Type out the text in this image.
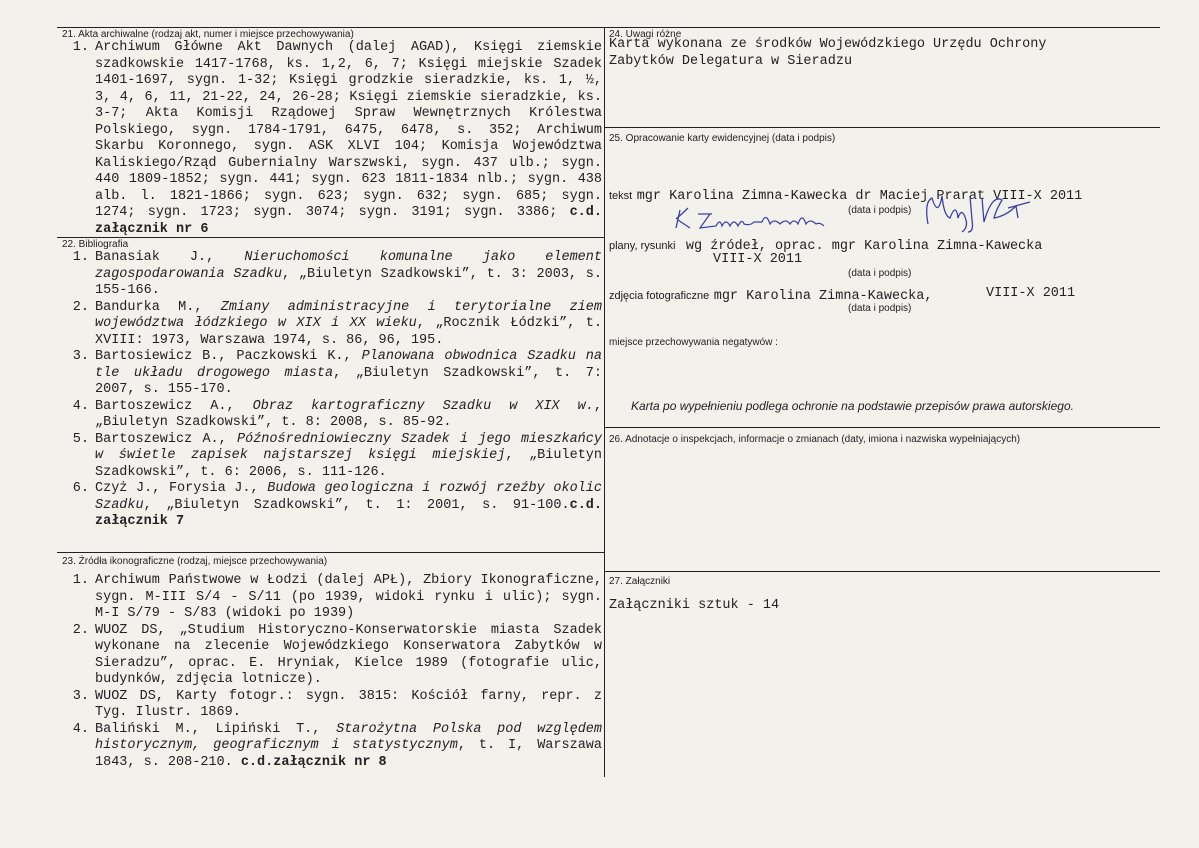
21. Akta archiwalne (rodzaj akt, numer i miejsce przechowywania)
1. Archiwum Główne Akt Dawnych (dalej AGAD), Księgi ziemskie szadkowskie 1417-1768, ks. 1,2, 6, 7; Księgi miejskie Szadek 1401-1697, sygn. 1-32; Księgi grodzkie sieradzkie, ks. 1, ½, 3, 4, 6, 11, 21-22, 24, 26-28; Księgi ziemskie sieradzkie, ks. 3-7; Akta Komisji Rządowej Spraw Wewnętrznych Królestwa Polskiego, sygn. 1784-1791, 6475, 6478, s. 352; Archiwum Skarbu Koronnego, sygn. ASK XLVI 104; Komisja Województwa Kaliskiego/Rząd Gubernialny Warszwski, sygn. 437 ulb.; sygn. 440 1809-1852; sygn. 441; sygn. 623 1811-1834 nlb.; sygn. 438 alb. l. 1821-1866; sygn. 623; sygn. 632; sygn. 685; sygn. 1274; sygn. 1723; sygn. 3074; sygn. 3191; sygn. 3386; c.d. załącznik nr 6
22. Bibliografia
1. Banasiak J., Nieruchomości komunalne jako element zagospodarowania Szadku, „Biuletyn Szadkowski”, t. 3: 2003, s. 155-166.
2. Bandurka M., Zmiany administracyjne i terytorialne ziem województwa łódzkiego w XIX i XX wieku, „Rocznik Łódzki”, t. XVIII: 1973, Warszawa 1974, s. 86, 96, 195.
3. Bartosiewicz B., Paczkowski K., Planowana obwodnica Szadku na tle układu drogowego miasta, „Biuletyn Szadkowski”, t. 7: 2007, s. 155-170.
4. Bartoszewicz A., Obraz kartograficzny Szadku w XIX w., „Biuletyn Szadkowski”, t. 8: 2008, s. 85-92.
5. Bartoszewicz A., Późnośredniowieczny Szadek i jego mieszkańcy w świetle zapisek najstarszej księgi miejskiej, „Biuletyn Szadkowski”, t. 6: 2006, s. 111-126.
6. Czyż J., Forysia J., Budowa geologiczna i rozwój rzeźby okolic Szadku, „Biuletyn Szadkowski”, t. 1: 2001, s. 91-100.c.d. załącznik 7
23. Źródła ikonograficzne (rodzaj, miejsce przechowywania)
1. Archiwum Państwowe w Łodzi (dalej APŁ), Zbiory Ikonograficzne, sygn. M-III S/4 - S/11 (po 1939, widoki rynku i ulic); sygn. M-I S/79 - S/83 (widoki po 1939)
2. WUOZ DS, „Studium Historyczno-Konserwatorskie miasta Szadek wykonane na zlecenie Wojewódzkiego Konserwatora Zabytków w Sieradzu”, oprac. E. Hryniak, Kielce 1989 (fotografie ulic, budynków, zdjęcia lotnicze).
3. WUOZ DS, Karty fotogr.: sygn. 3815: Kościół farny, repr. z Tyg. Ilustr. 1869.
4. Baliński M., Lipiński T., Starożytna Polska pod względem historycznym, geograficznym i statystycznym, t. I, Warszawa 1843, s. 208-210. c.d.załącznik nr 8
24. Uwagi różne
Karta wykonana ze środków Wojewódzkiego Urzędu Ochrony Zabytków Delegatura w Sieradzu
25. Opracowanie karty ewidencyjnej (data i podpis)
tekst mgr Karolina Zimna-Kawecka dr Maciej Prarat VIII-X 2011
(data i podpis)
plany, rysunki wg źródeł, oprac. mgr Karolina Zimna-Kawecka
VIII-X 2011
(data i podpis)
zdjęcia fotograficzne mgr Karolina Zimna-Kawecka,	VIII-X 2011
(data i podpis)
miejsce przechowywania negatywów :
Karta po wypełnieniu podlega ochronie na podstawie przepisów prawa autorskiego.
26. Adnotacje o inspekcjach, informacje o zmianach (daty, imiona i nazwiska wypełniających)
27. Załączniki
Załączniki sztuk - 14
